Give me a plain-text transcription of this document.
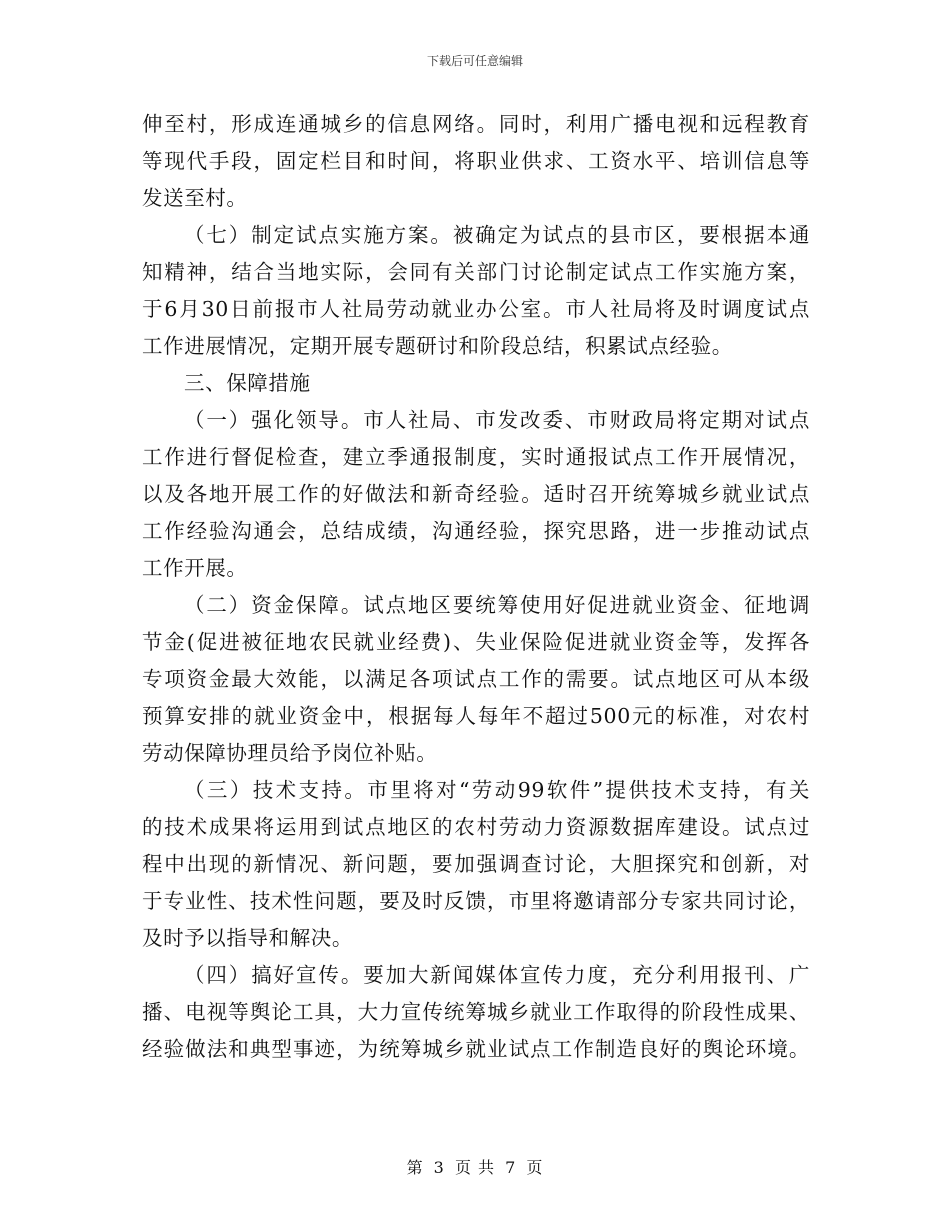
下载后可任意编辑
伸至村，形成连通城乡的信息网络。同时，利用广播电视和远程教育
等现代手段，固定栏目和时间，将职业供求、工资水平、培训信息等
发送至村。
（七）制定试点实施方案。被确定为试点的县市区，要根据本通
知精神，结合当地实际，会同有关部门讨论制定试点工作实施方案，
于6月30日前报市人社局劳动就业办公室。市人社局将及时调度试点
工作进展情况，定期开展专题研讨和阶段总结，积累试点经验。
三、保障措施
（一）强化领导。市人社局、市发改委、市财政局将定期对试点
工作进行督促检查，建立季通报制度，实时通报试点工作开展情况，
以及各地开展工作的好做法和新奇经验。适时召开统筹城乡就业试点
工作经验沟通会，总结成绩，沟通经验，探究思路，进一步推动试点
工作开展。
（二）资金保障。试点地区要统筹使用好促进就业资金、征地调
节金(促进被征地农民就业经费)、失业保险促进就业资金等，发挥各
专项资金最大效能，以满足各项试点工作的需要。试点地区可从本级
预算安排的就业资金中，根据每人每年不超过500元的标准，对农村
劳动保障协理员给予岗位补贴。
（三）技术支持。市里将对“劳动99软件”提供技术支持，有关
的技术成果将运用到试点地区的农村劳动力资源数据库建设。试点过
程中出现的新情况、新问题，要加强调查讨论，大胆探究和创新，对
于专业性、技术性问题，要及时反馈，市里将邀请部分专家共同讨论，
及时予以指导和解决。
（四）搞好宣传。要加大新闻媒体宣传力度，充分利用报刊、广
播、电视等舆论工具，大力宣传统筹城乡就业工作取得的阶段性成果、
经验做法和典型事迹，为统筹城乡就业试点工作制造良好的舆论环境。
第 3 页 共 7 页
